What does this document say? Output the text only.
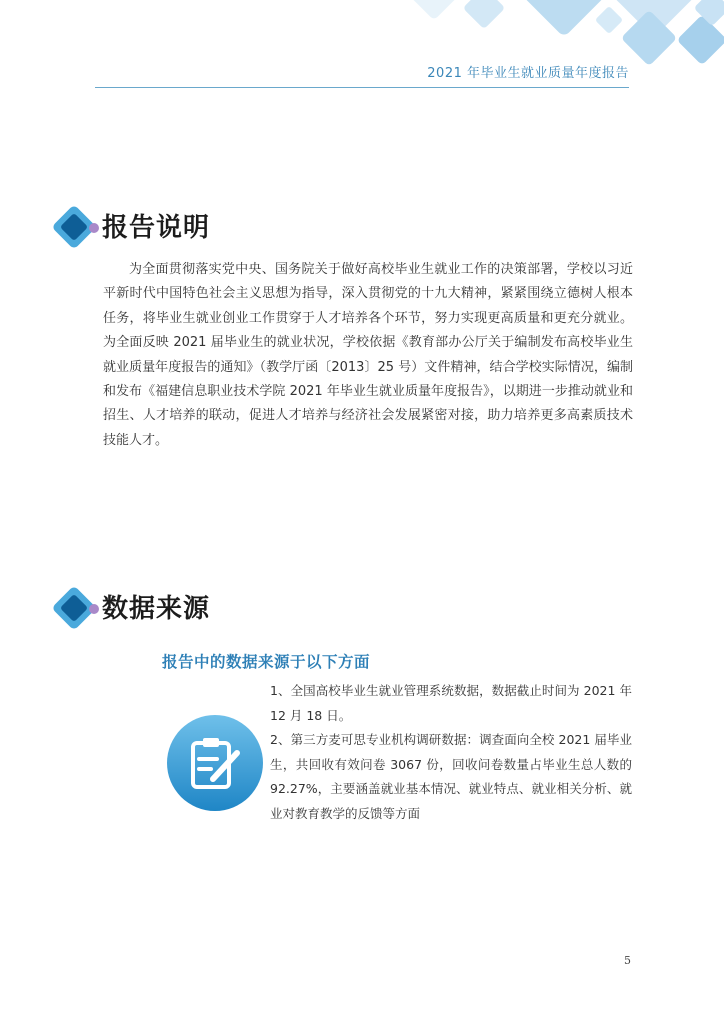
2021 年毕业生就业质量年度报告
报告说明

为全面贯彻落实党中央、国务院关于做好高校毕业生就业工作的决策部署，学校以习近平新时代中国特色社会主义思想为指导，深入贯彻党的十九大精神，紧紧围绕立德树人根本任务，将毕业生就业创业工作贯穿于人才培养各个环节，努力实现更高质量和更充分就业。为全面反映 2021 届毕业生的就业状况，学校依据《教育部办公厅关于编制发布高校毕业生就业质量年度报告的通知》（教学厅函〔2013〕25 号）文件精神，结合学校实际情况，编制和发布《福建信息职业技术学院 2021 年毕业生就业质量年度报告》，以期进一步推动就业和招生、人才培养的联动，促进人才培养与经济社会发展紧密对接，助力培养更多高素质技术技能人才。

数据来源
报告中的数据来源于以下方面

1、全国高校毕业生就业管理系统数据，数据截止时间为 2021 年 12 月 18 日。

2、第三方麦可思专业机构调研数据：调查面向全校 2021 届毕业生，共回收有效问卷 3067 份，回收问卷数量占毕业生总人数的 92.27%，主要涵盖就业基本情况、就业特点、就业相关分析、就业对教育教学的反馈等方面

5
